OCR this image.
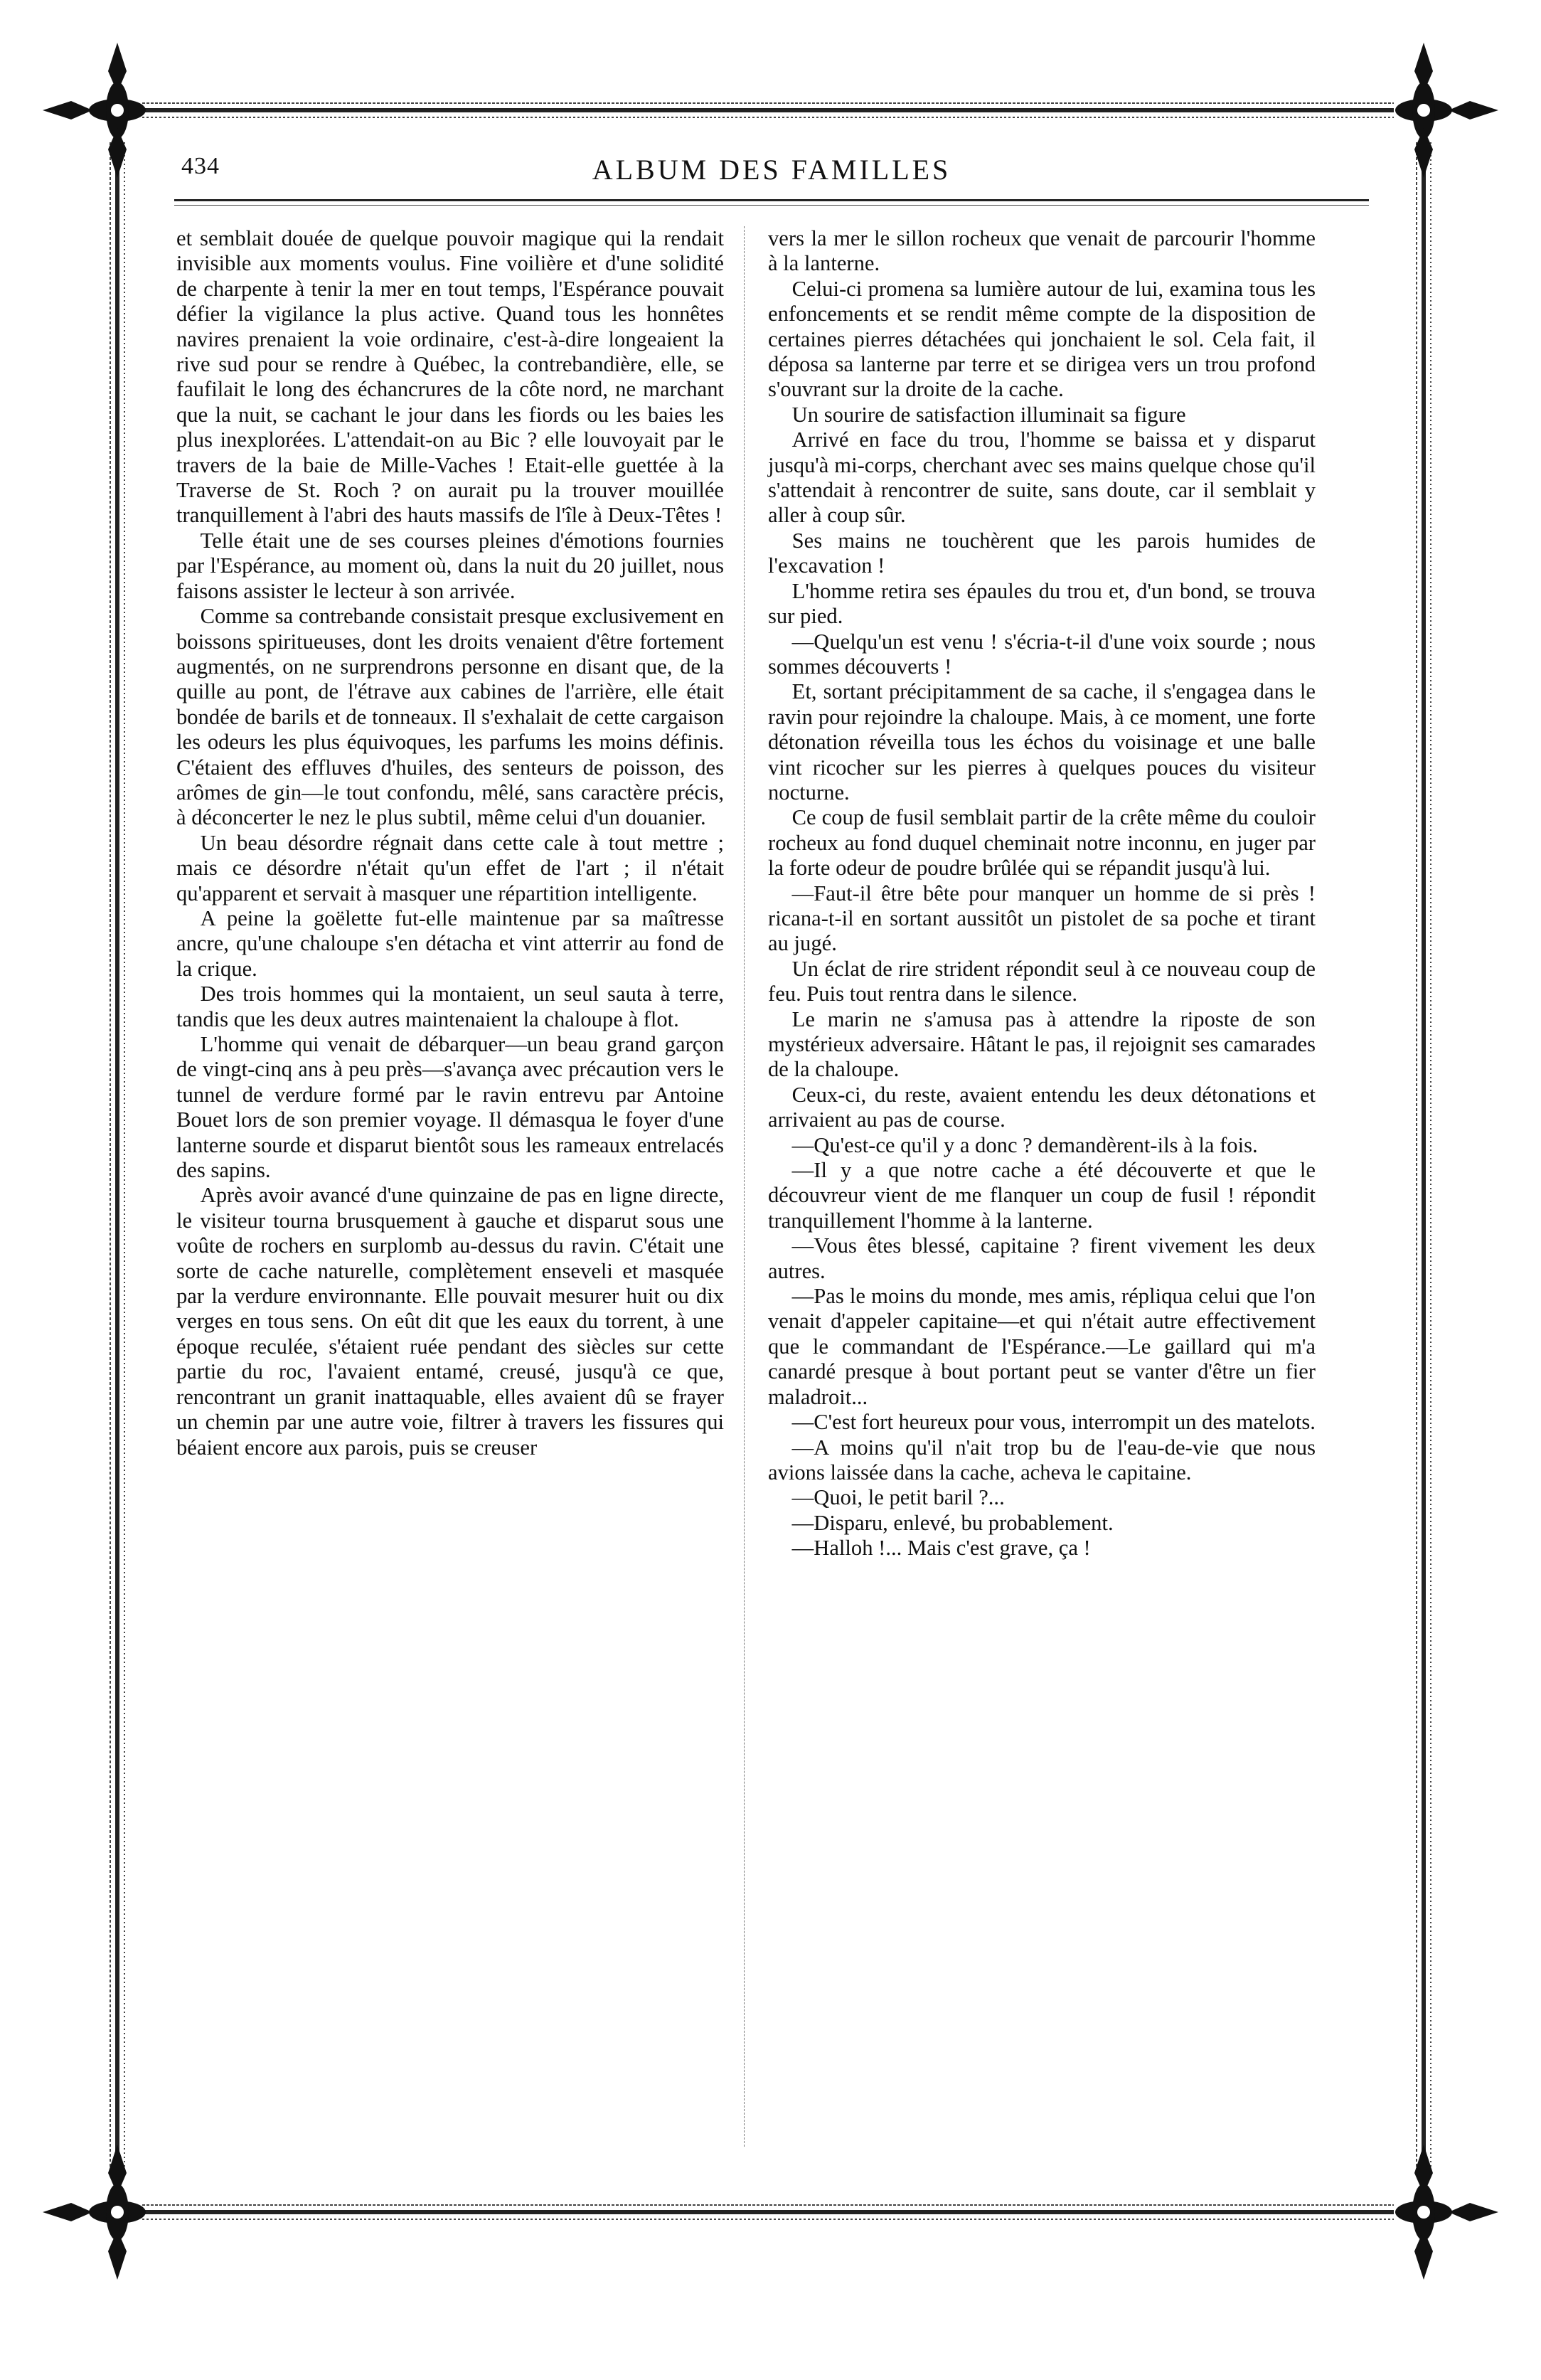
434	ALBUM DES FAMILLES

et semblait douée de quelque pouvoir magique qui la rendait invisible aux moments voulus. Fine voilière et d'une solidité de charpente à tenir la mer en tout temps, l'Espérance pouvait défier la vigilance la plus active. Quand tous les honnêtes navires prenaient la voie ordinaire, c'est-à-dire longeaient la rive sud pour se rendre à Québec, la contrebandière, elle, se faufilait le long des échancrures de la côte nord, ne marchant que la nuit, se cachant le jour dans les fiords ou les baies les plus inexplorées. L'attendait-on au Bic ? elle louvoyait par le travers de la baie de Mille-Vaches ! Etait-elle guettée à la Traverse de St. Roch ? on aurait pu la trouver mouillée tranquillement à l'abri des hauts massifs de l'île à Deux-Têtes !

Telle était une de ses courses pleines d'émotions fournies par l'Espérance, au moment où, dans la nuit du 20 juillet, nous faisons assister le lecteur à son arrivée.

Comme sa contrebande consistait presque exclusivement en boissons spiritueuses, dont les droits venaient d'être fortement augmentés, on ne surprendrons personne en disant que, de la quille au pont, de l'étrave aux cabines de l'arrière, elle était bondée de barils et de tonneaux. Il s'exhalait de cette cargaison les odeurs les plus équivoques, les parfums les moins définis. C'étaient des effluves d'huiles, des senteurs de poisson, des arômes de gin—le tout confondu, mêlé, sans caractère précis, à déconcerter le nez le plus subtil, même celui d'un douanier.

Un beau désordre régnait dans cette cale à tout mettre ; mais ce désordre n'était qu'un effet de l'art ; il n'était qu'apparent et servait à masquer une répartition intelligente.

A peine la goëlette fut-elle maintenue par sa maîtresse ancre, qu'une chaloupe s'en détacha et vint atterrir au fond de la crique.

Des trois hommes qui la montaient, un seul sauta à terre, tandis que les deux autres maintenaient la chaloupe à flot.

L'homme qui venait de débarquer—un beau grand garçon de vingt-cinq ans à peu près—s'avança avec précaution vers le tunnel de verdure formé par le ravin entrevu par Antoine Bouet lors de son premier voyage. Il démasqua le foyer d'une lanterne sourde et disparut bientôt sous les rameaux entrelacés des sapins.

Après avoir avancé d'une quinzaine de pas en ligne directe, le visiteur tourna brusquement à gauche et disparut sous une voûte de rochers en surplomb au-dessus du ravin. C'était une sorte de cache naturelle, complètement enseveli et masquée par la verdure environnante. Elle pouvait mesurer huit ou dix verges en tous sens. On eût dit que les eaux du torrent, à une époque reculée, s'étaient ruée pendant des siècles sur cette partie du roc, l'avaient entamé, creusé, jusqu'à ce que, rencontrant un granit inattaquable, elles avaient dû se frayer un chemin par une autre voie, filtrer à travers les fissures qui béaient encore aux parois, puis se creuser

vers la mer le sillon rocheux que venait de parcourir l'homme à la lanterne.

Celui-ci promena sa lumière autour de lui, examina tous les enfoncements et se rendit même compte de la disposition de certaines pierres détachées qui jonchaient le sol. Cela fait, il déposa sa lanterne par terre et se dirigea vers un trou profond s'ouvrant sur la droite de la cache.

Un sourire de satisfaction illuminait sa figure

Arrivé en face du trou, l'homme se baissa et y disparut jusqu'à mi-corps, cherchant avec ses mains quelque chose qu'il s'attendait à rencontrer de suite, sans doute, car il semblait y aller à coup sûr.

Ses mains ne touchèrent que les parois humides de l'excavation !

L'homme retira ses épaules du trou et, d'un bond, se trouva sur pied.

—Quelqu'un est venu ! s'écria-t-il d'une voix sourde ; nous sommes découverts !

Et, sortant précipitamment de sa cache, il s'engagea dans le ravin pour rejoindre la chaloupe. Mais, à ce moment, une forte détonation réveilla tous les échos du voisinage et une balle vint ricocher sur les pierres à quelques pouces du visiteur nocturne.

Ce coup de fusil semblait partir de la crête même du couloir rocheux au fond duquel cheminait notre inconnu, en juger par la forte odeur de poudre brûlée qui se répandit jusqu'à lui.

—Faut-il être bête pour manquer un homme de si près ! ricana-t-il en sortant aussitôt un pistolet de sa poche et tirant au jugé.

Un éclat de rire strident répondit seul à ce nouveau coup de feu. Puis tout rentra dans le silence.

Le marin ne s'amusa pas à attendre la riposte de son mystérieux adversaire. Hâtant le pas, il rejoignit ses camarades de la chaloupe.

Ceux-ci, du reste, avaient entendu les deux détonations et arrivaient au pas de course.

—Qu'est-ce qu'il y a donc ? demandèrent-ils à la fois.

—Il y a que notre cache a été découverte et que le découvreur vient de me flanquer un coup de fusil ! répondit tranquillement l'homme à la lanterne.

—Vous êtes blessé, capitaine ? firent vivement les deux autres.

—Pas le moins du monde, mes amis, répliqua celui que l'on venait d'appeler capitaine—et qui n'était autre effectivement que le commandant de l'Espérance.—Le gaillard qui m'a canardé presque à bout portant peut se vanter d'être un fier maladroit...

—C'est fort heureux pour vous, interrompit un des matelots.

—A moins qu'il n'ait trop bu de l'eau-de-vie que nous avions laissée dans la cache, acheva le capitaine.

—Quoi, le petit baril ?...

—Disparu, enlevé, bu probablement.

—Halloh !... Mais c'est grave, ça !
